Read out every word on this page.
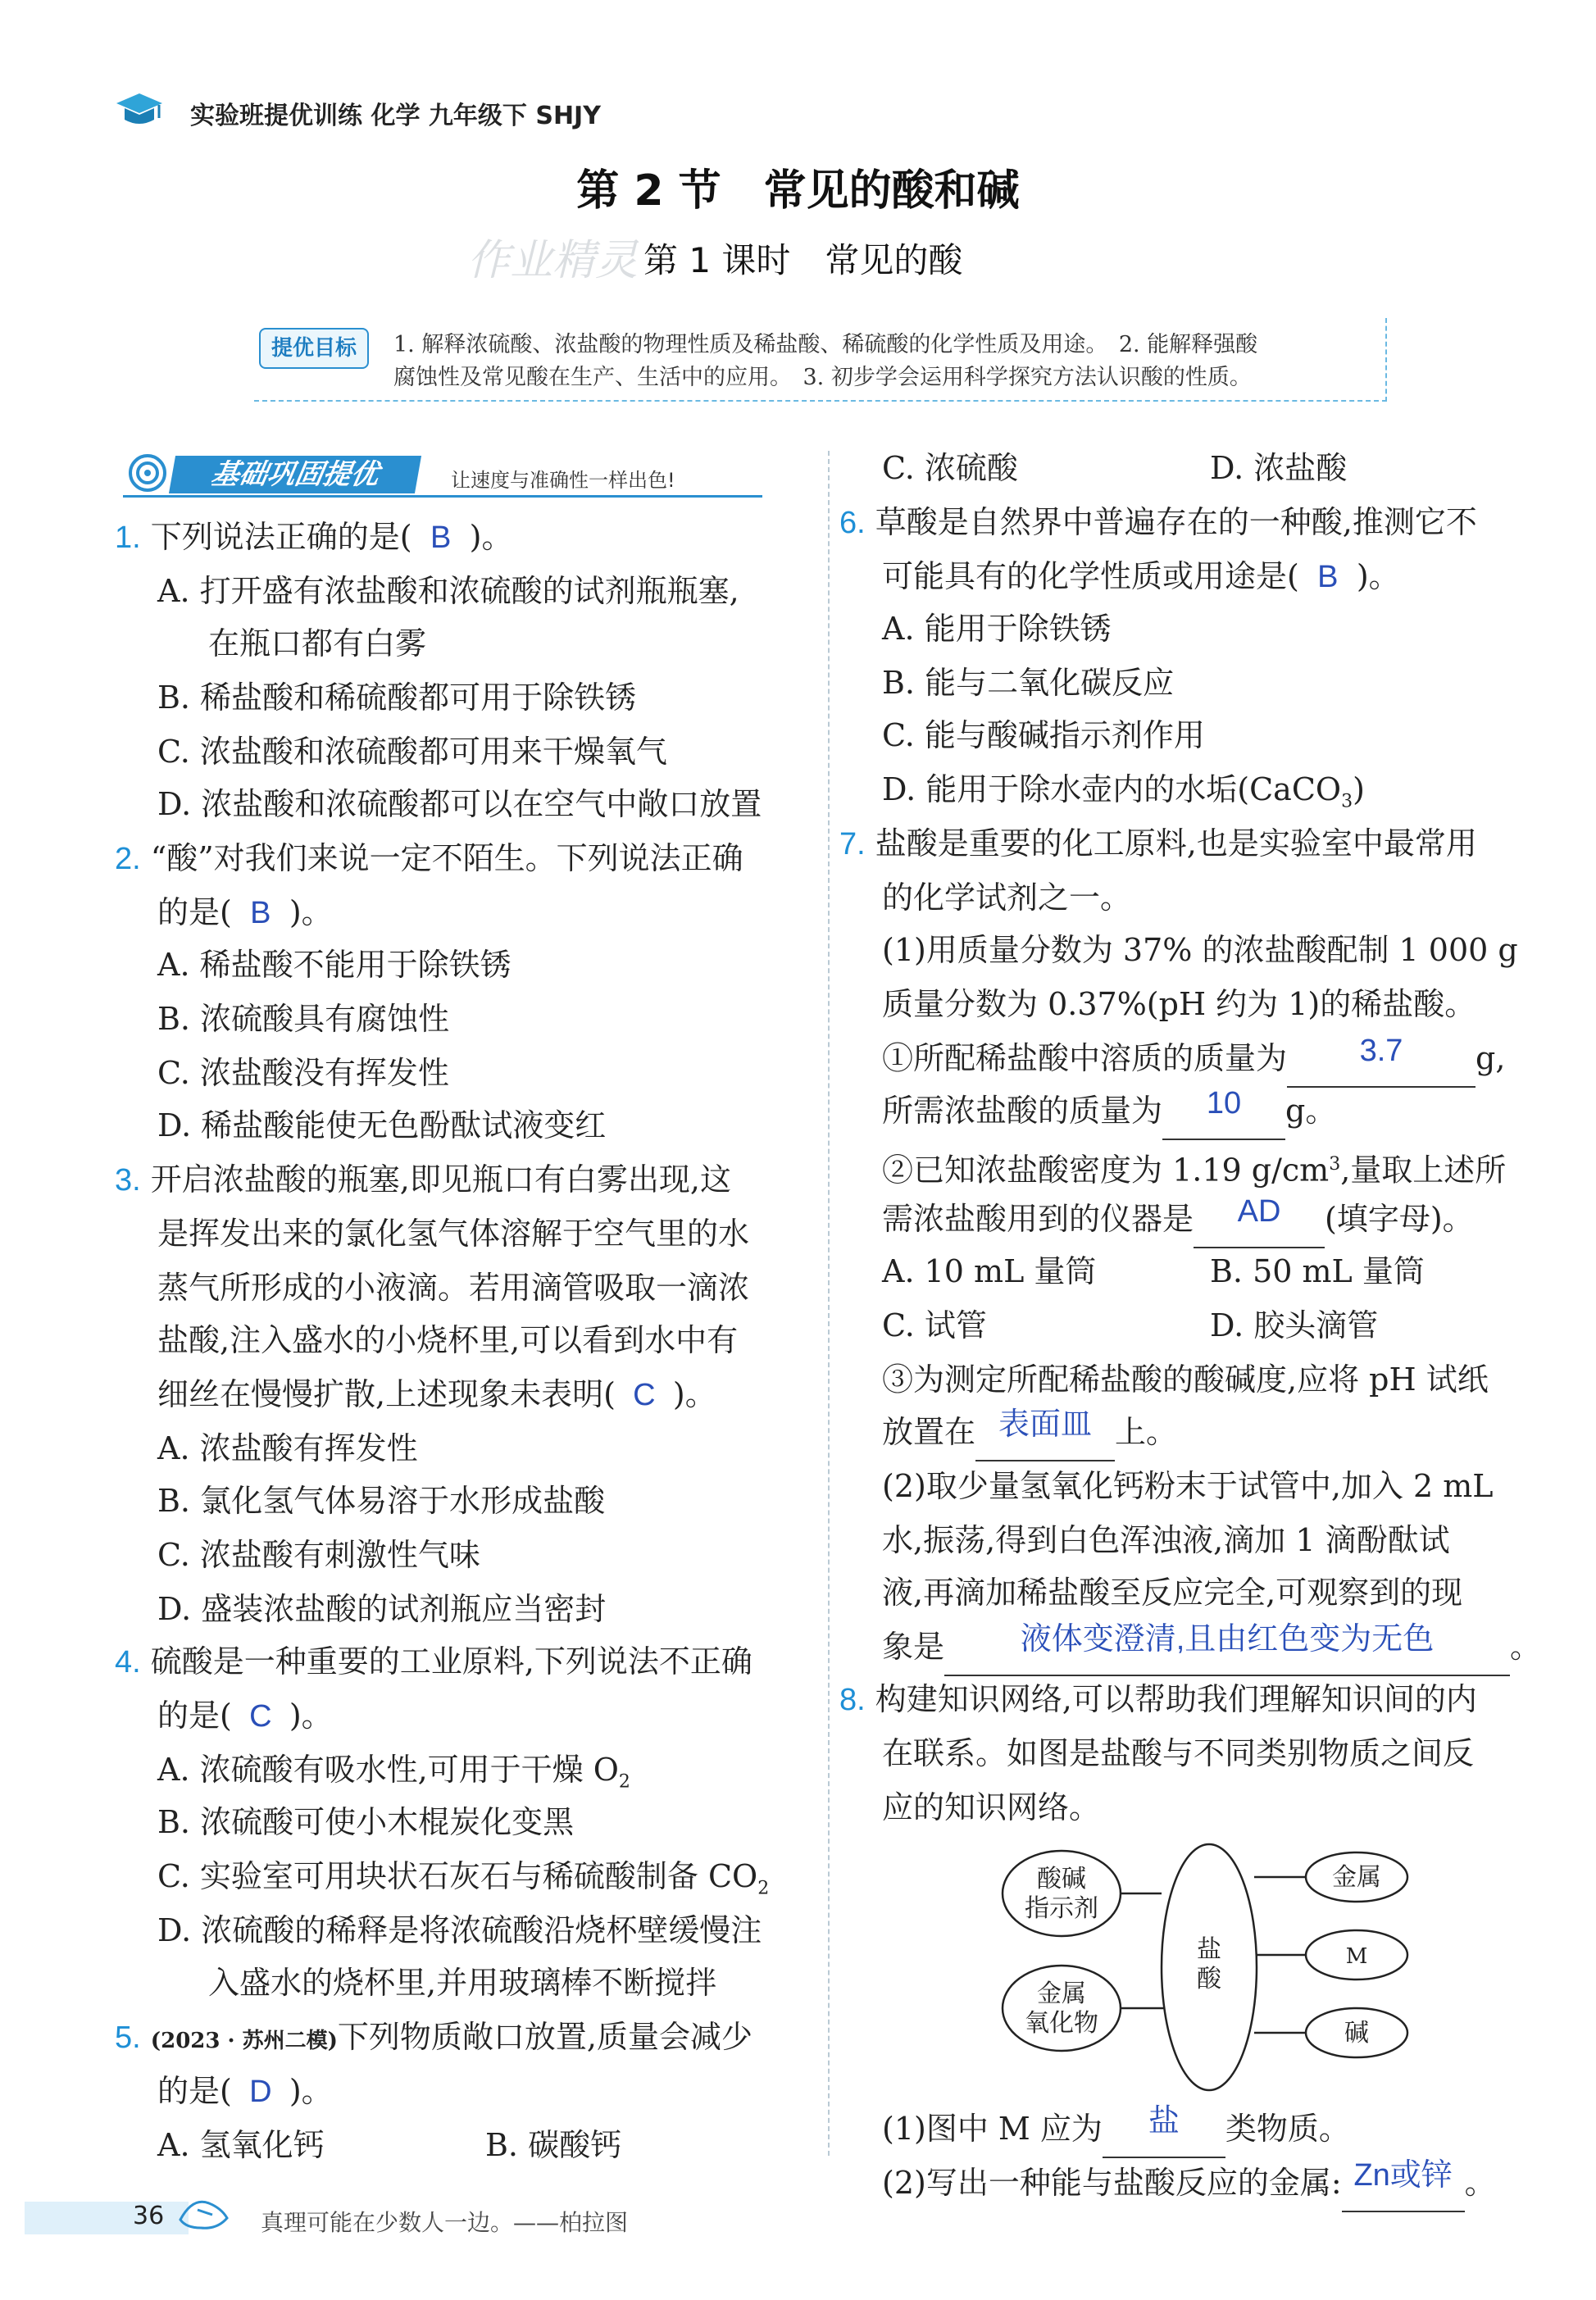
实验班提优训练 化学 九年级下 SHJY
第 2 节　常见的酸和碱
作业精灵 第 1 课时　常见的酸
提优目标	1. 解释浓硫酸、浓盐酸的物理性质及稀盐酸、稀硫酸的化学性质及用途。　2. 能解释强酸
腐蚀性及常见酸在生产、生活中的应用。　3. 初步学会运用科学探究方法认识酸的性质。
基础巩固提优	让速度与准确性一样出色!
1. 下列说法正确的是( B )。
A. 打开盛有浓盐酸和浓硫酸的试剂瓶瓶塞,
在瓶口都有白雾
B. 稀盐酸和稀硫酸都可用于除铁锈
C. 浓盐酸和浓硫酸都可用来干燥氧气
D. 浓盐酸和浓硫酸都可以在空气中敞口放置
2. “酸”对我们来说一定不陌生。下列说法正确
的是( B )。
A. 稀盐酸不能用于除铁锈
B. 浓硫酸具有腐蚀性
C. 浓盐酸没有挥发性
D. 稀盐酸能使无色酚酞试液变红
3. 开启浓盐酸的瓶塞,即见瓶口有白雾出现,这
是挥发出来的氯化氢气体溶解于空气里的水
蒸气所形成的小液滴。若用滴管吸取一滴浓
盐酸,注入盛水的小烧杯里,可以看到水中有
细丝在慢慢扩散,上述现象未表明( C )。
A. 浓盐酸有挥发性
B. 氯化氢气体易溶于水形成盐酸
C. 浓盐酸有刺激性气味
D. 盛装浓盐酸的试剂瓶应当密封
4. 硫酸是一种重要的工业原料,下列说法不正确
的是( C )。
A. 浓硫酸有吸水性,可用于干燥 $O_2$
B. 浓硫酸可使小木棍炭化变黑
C. 实验室可用块状石灰石与稀硫酸制备 $CO_2$
D. 浓硫酸的稀释是将浓硫酸沿烧杯壁缓慢注
入盛水的烧杯里,并用玻璃棒不断搅拌
5. (2023 · 苏州二模)下列物质敞口放置,质量会减少
的是( D )。
A. 氢氧化钙	B. 碳酸钙
C. 浓硫酸	D. 浓盐酸
6. 草酸是自然界中普遍存在的一种酸,推测它不
可能具有的化学性质或用途是( B )。
A. 能用于除铁锈
B. 能与二氧化碳反应
C. 能与酸碱指示剂作用
D. 能用于除水壶内的水垢(CaCO$_3$)
7. 盐酸是重要的化工原料,也是实验室中最常用
的化学试剂之一。
(1)用质量分数为 37% 的浓盐酸配制 1 000 g
质量分数为 0.37%(pH 约为 1)的稀盐酸。
①所配稀盐酸中溶质的质量为 3.7 g,
所需浓盐酸的质量为 10 g。
②已知浓盐酸密度为 1.19 $g/cm^3$,量取上述所
需浓盐酸用到的仪器是 AD (填字母)。
A. 10 mL 量筒	B. 50 mL 量筒
C. 试管	D. 胶头滴管
③为测定所配稀盐酸的酸碱度,应将 pH 试纸
放置在 表面皿 上。
(2)取少量氢氧化钙粉末于试管中,加入 2 mL
水,振荡,得到白色浑浊液,滴加 1 滴酚酞试
液,再滴加稀盐酸至反应完全,可观察到的现
象是 液体变澄清,且由红色变为无色 。
8. 构建知识网络,可以帮助我们理解知识间的内
在联系。如图是盐酸与不同类别物质之间反
应的知识网络。
酸碱
指示剂
金属
氧化物
盐
酸
金属
M
碱
(1)图中 M 应为 盐 类物质。
(2)写出一种能与盐酸反应的金属: Zn或锌 。
36	真理可能在少数人一边。——柏拉图
